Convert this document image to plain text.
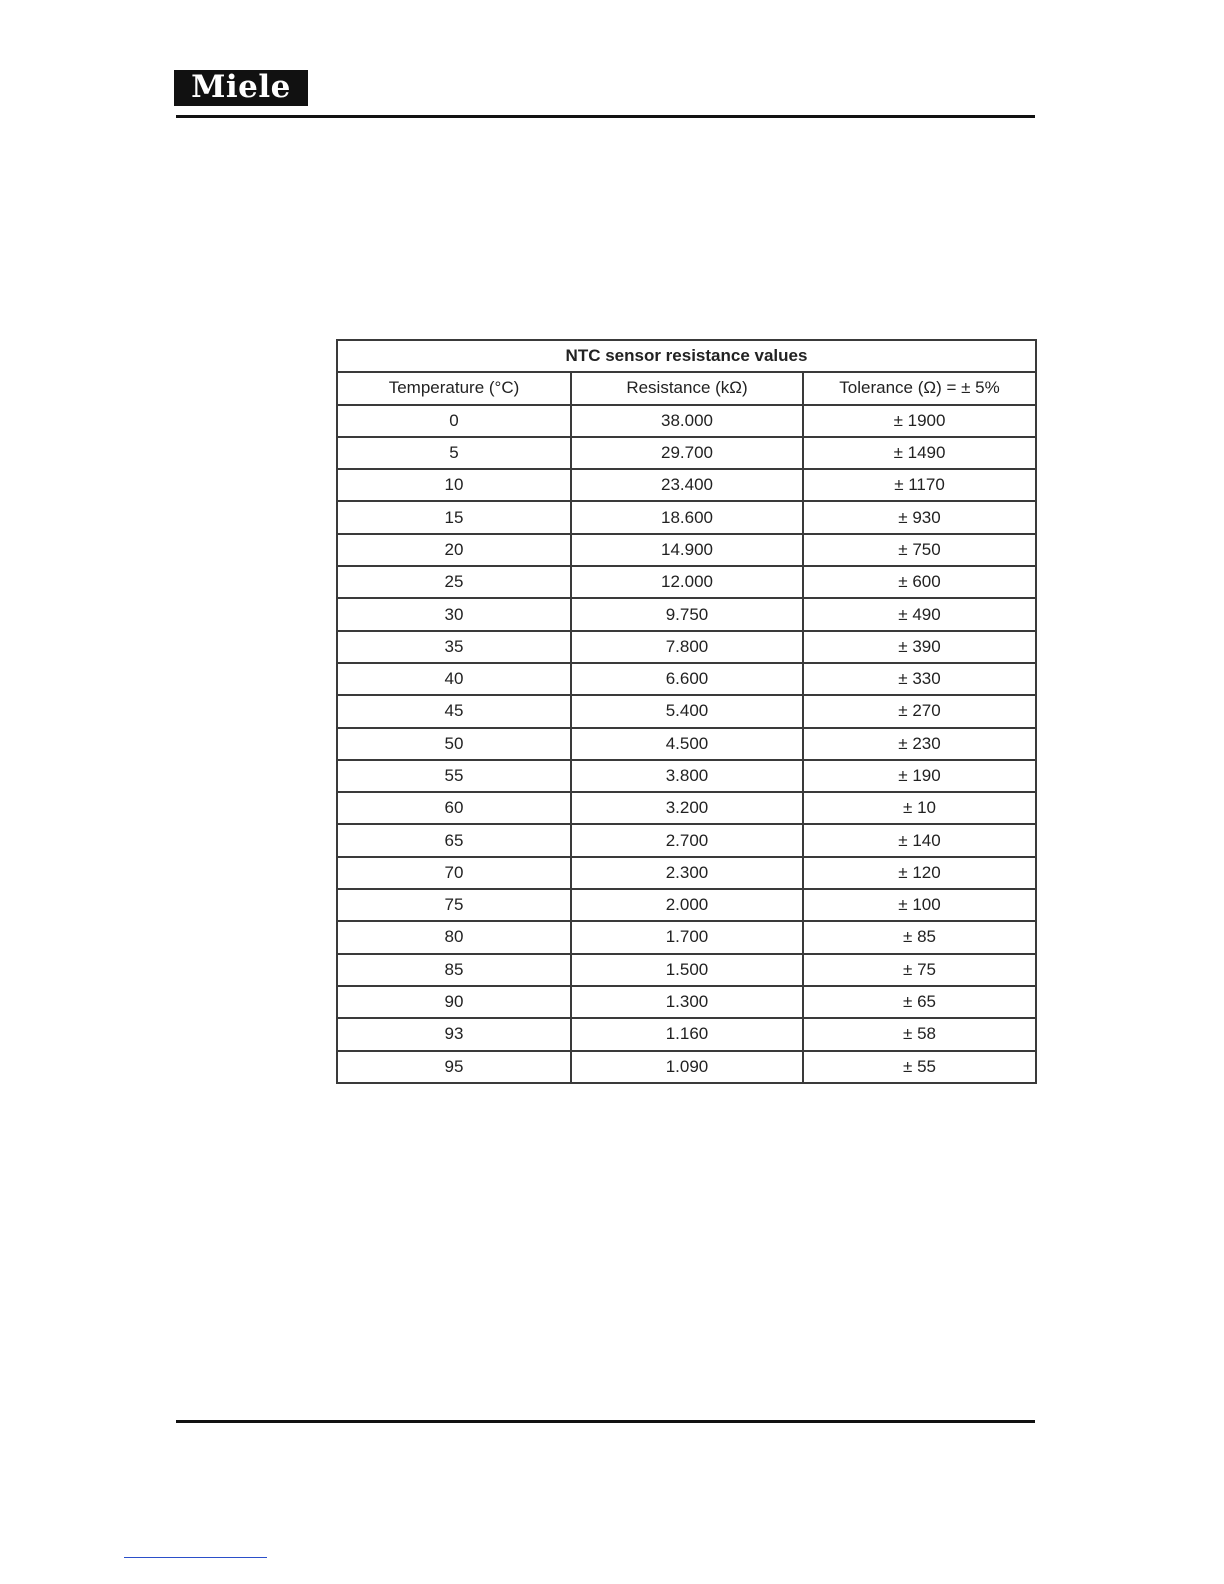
Miele
NTC sensor resistance values		
Temperature (°C)	Resistance (kΩ)	Tolerance (Ω) = ± 5%
0	38.000	± 1900
5	29.700	± 1490
10	23.400	± 1170
15	18.600	± 930
20	14.900	± 750
25	12.000	± 600
30	9.750	± 490
35	7.800	± 390
40	6.600	± 330
45	5.400	± 270
50	4.500	± 230
55	3.800	± 190
60	3.200	± 10
65	2.700	± 140
70	2.300	± 120
75	2.000	± 100
80	1.700	± 85
85	1.500	± 75
90	1.300	± 65
93	1.160	± 58
95	1.090	± 55
